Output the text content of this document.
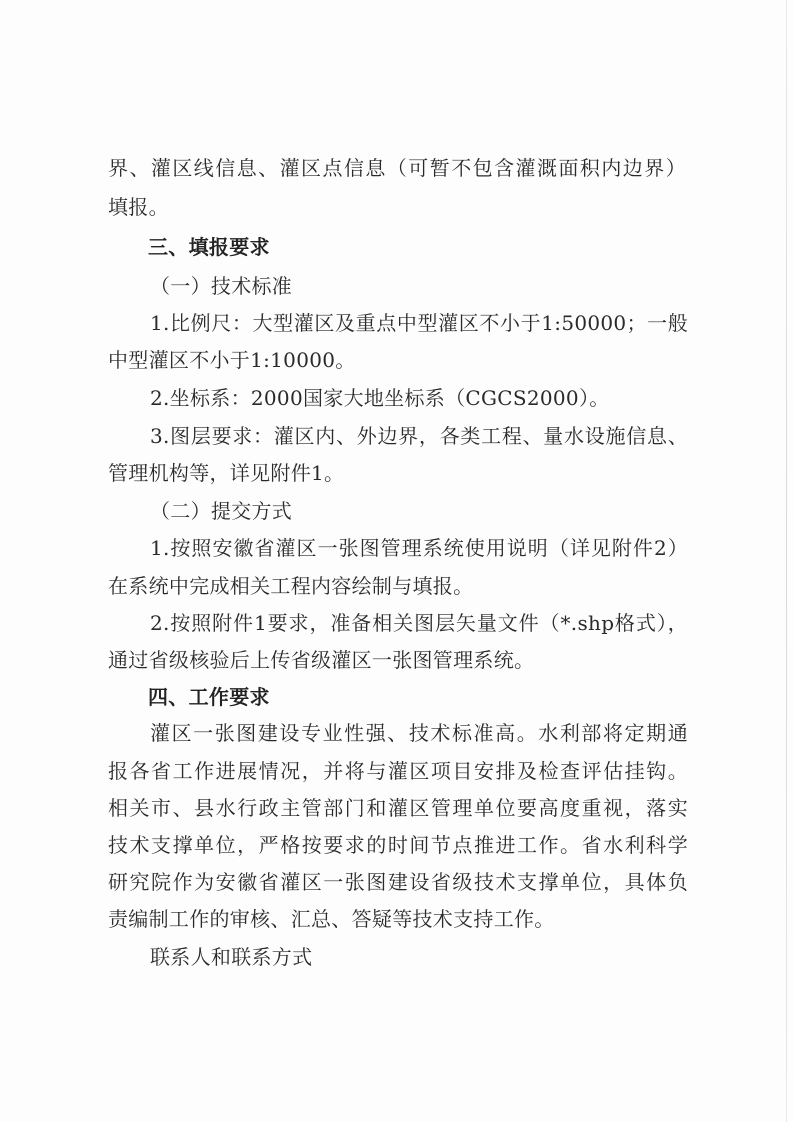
界、灌区线信息、灌区点信息（可暂不包含灌溉面积内边界）
填报。
三、填报要求
（一）技术标准
1.比例尺：大型灌区及重点中型灌区不小于1:50000；一般
中型灌区不小于1:10000。
2.坐标系：2000国家大地坐标系（CGCS2000）。
3.图层要求：灌区内、外边界，各类工程、量水设施信息、
管理机构等，详见附件1。
（二）提交方式
1.按照安徽省灌区一张图管理系统使用说明（详见附件2）
在系统中完成相关工程内容绘制与填报。
2.按照附件1要求，准备相关图层矢量文件（*.shp格式），
通过省级核验后上传省级灌区一张图管理系统。
四、工作要求
灌区一张图建设专业性强、技术标准高。水利部将定期通
报各省工作进展情况，并将与灌区项目安排及检查评估挂钩。
相关市、县水行政主管部门和灌区管理单位要高度重视，落实
技术支撑单位，严格按要求的时间节点推进工作。省水利科学
研究院作为安徽省灌区一张图建设省级技术支撑单位，具体负
责编制工作的审核、汇总、答疑等技术支持工作。
联系人和联系方式
